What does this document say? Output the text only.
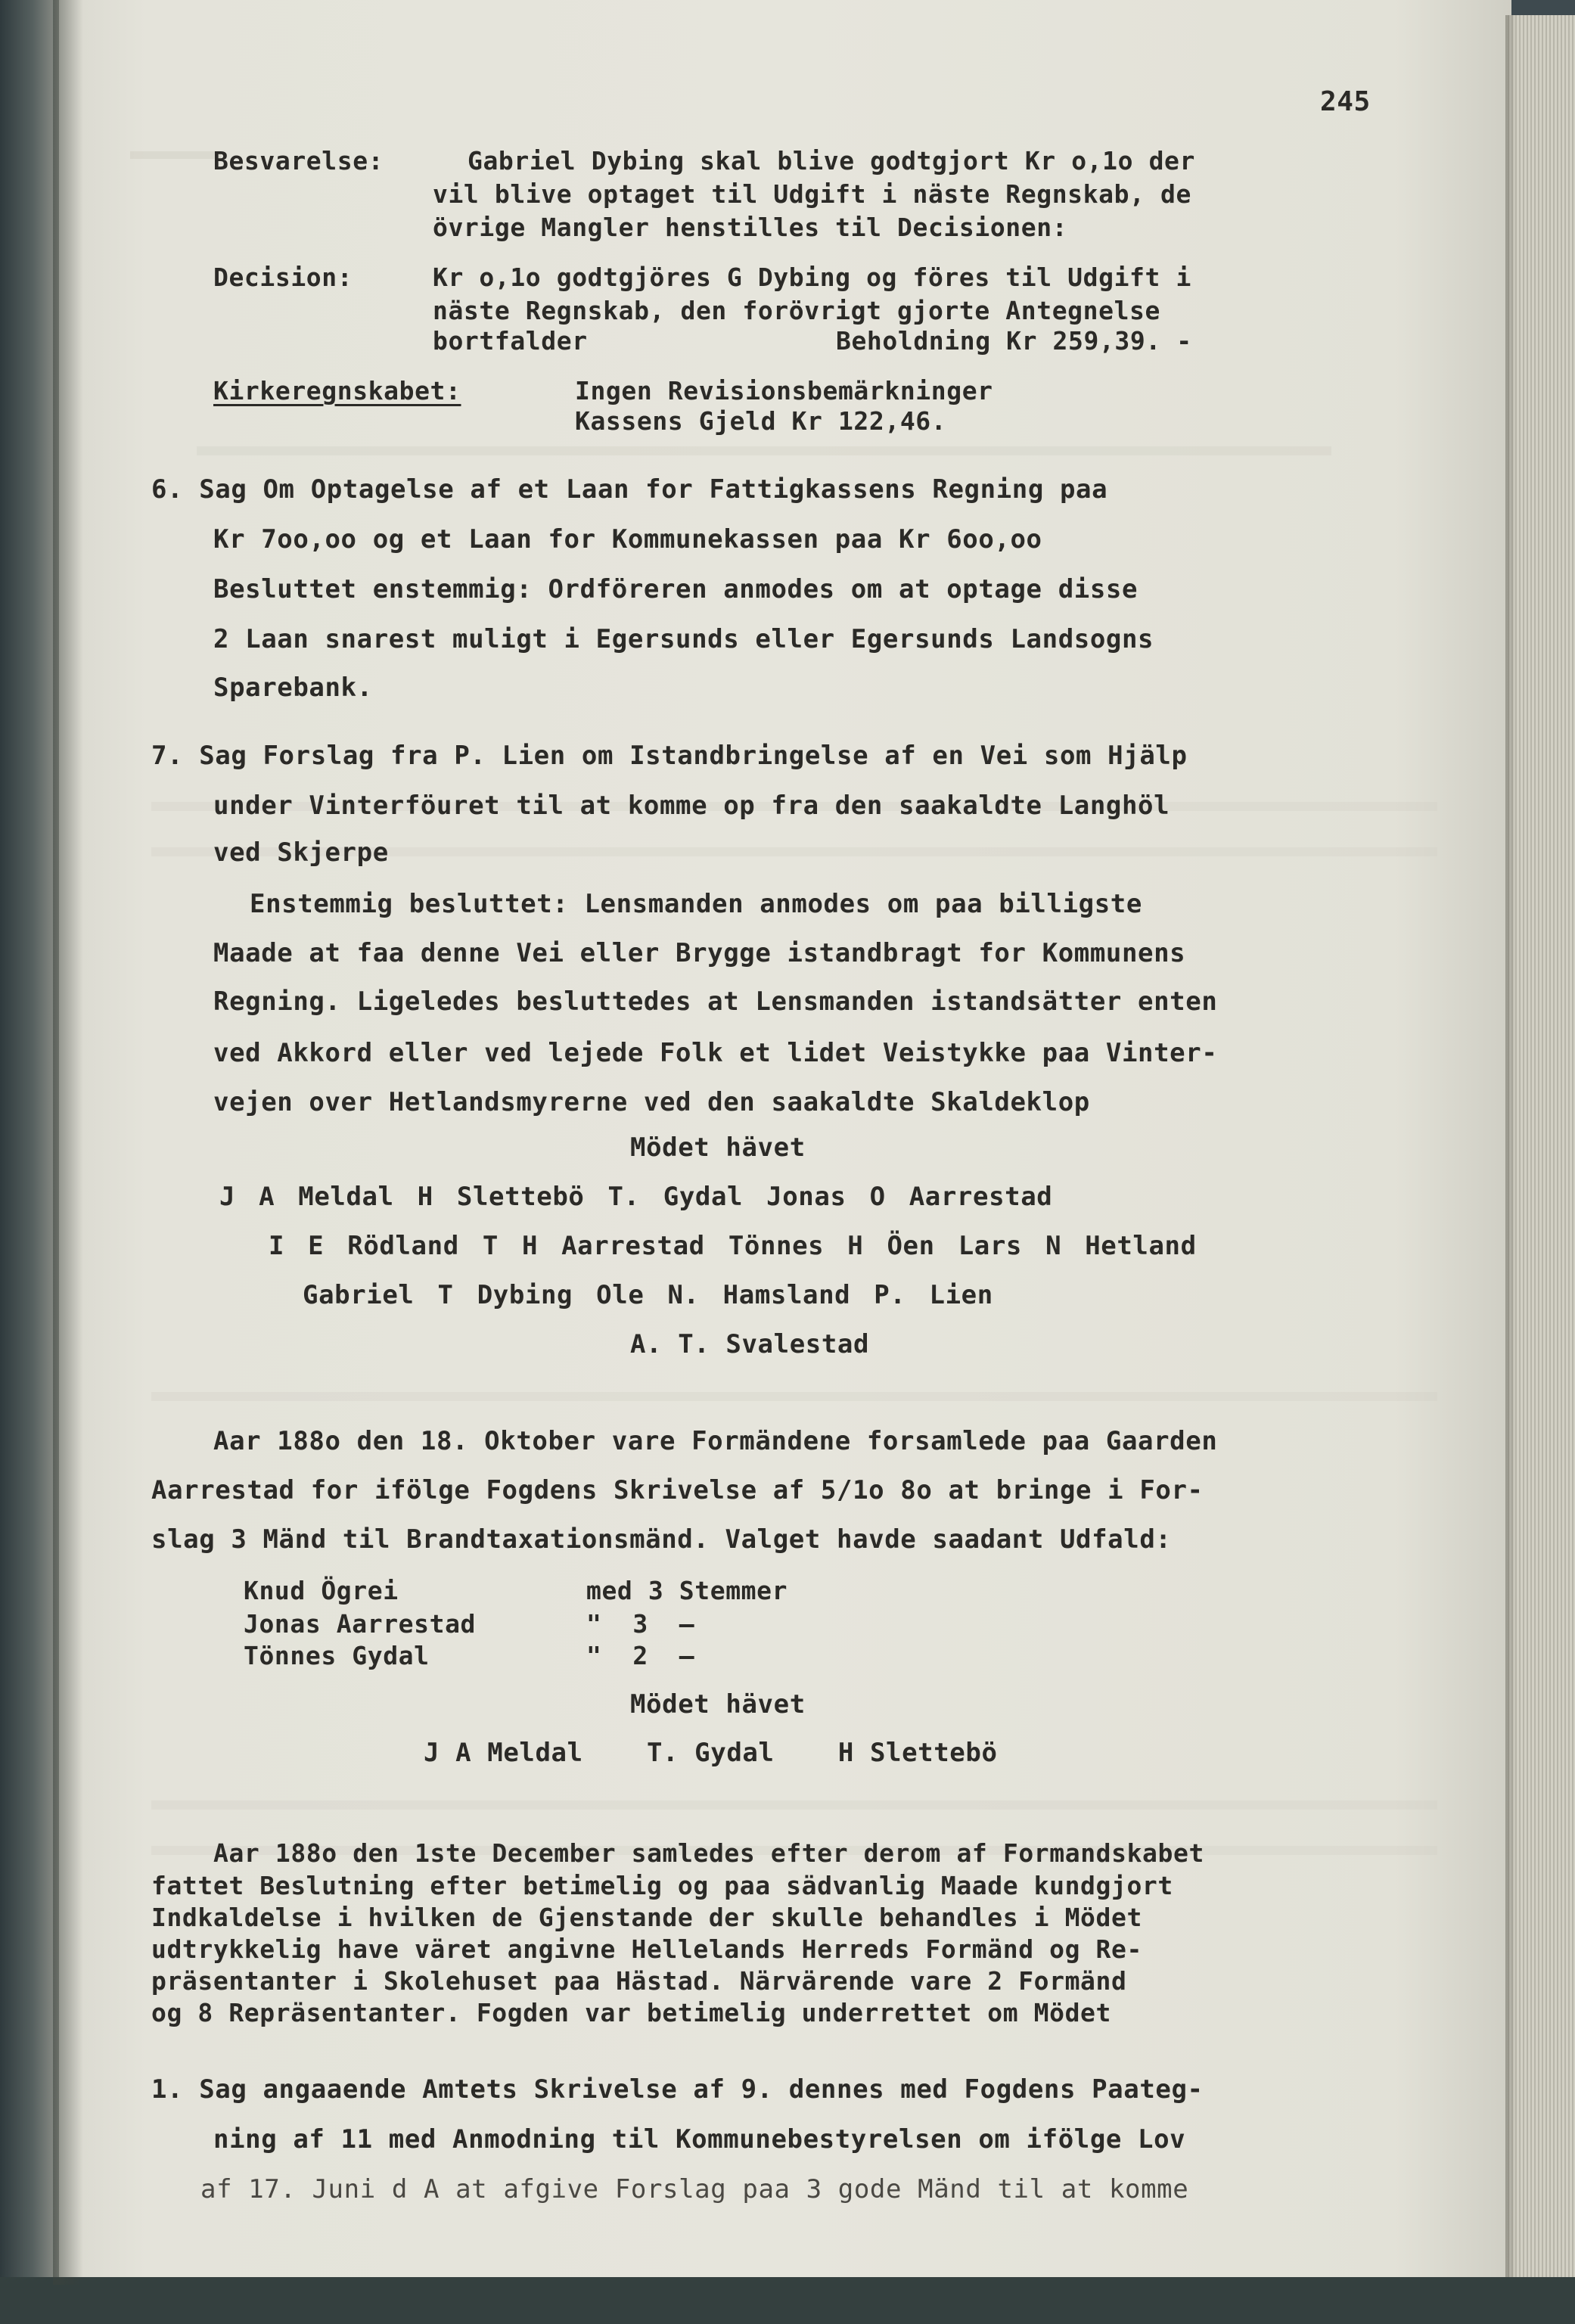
245
Besvarelse:	Gabriel Dybing skal blive godtgjort Kr o,1o der
vil blive optaget til Udgift i näste Regnskab, de
övrige Mangler henstilles til Decisionen:
Decision:	Kr o,1o godtgjöres G Dybing og föres til Udgift i
näste Regnskab, den forövrigt gjorte Antegnelse
bortfalder	Beholdning Kr 259,39. -
Kirkeregnskabet:	Ingen Revisionsbemärkninger
Kassens Gjeld Kr 122,46.
6. Sag Om Optagelse af et Laan for Fattigkassens Regning paa
Kr 7oo,oo og et Laan for Kommunekassen paa Kr 6oo,oo
Besluttet enstemmig: Ordföreren anmodes om at optage disse
2 Laan snarest muligt i Egersunds eller Egersunds Landsogns
Sparebank.
7. Sag Forslag fra P. Lien om Istandbringelse af en Vei som Hjälp
under Vinterföuret til at komme op fra den saakaldte Langhöl
ved Skjerpe
Enstemmig besluttet: Lensmanden anmodes om paa billigste
Maade at faa denne Vei eller Brygge istandbragt for Kommunens
Regning. Ligeledes besluttedes at Lensmanden istandsätter enten
ved Akkord eller ved lejede Folk et lidet Veistykke paa Vinter-
vejen over Hetlandsmyrerne ved den saakaldte Skaldeklop
Mödet hävet
J A Meldal H Slettebö T. Gydal Jonas O Aarrestad
I E Rödland T H Aarrestad Tönnes H Öen Lars N Hetland
Gabriel T Dybing Ole N. Hamsland P. Lien
A. T. Svalestad
Aar 188o den 18. Oktober vare Formändene forsamlede paa Gaarden
Aarrestad for ifölge Fogdens Skrivelse af 5/1o 8o at bringe i For-
slag 3 Mänd til Brandtaxationsmänd. Valget havde saadant Udfald:
Knud Ögrei	med 3 Stemmer
Jonas Aarrestad	"  3  —
Tönnes Gydal	"  2  —
Mödet hävet
J A Meldal    T. Gydal    H Slettebö
Aar 188o den 1ste December samledes efter derom af Formandskabet
fattet Beslutning efter betimelig og paa sädvanlig Maade kundgjort
Indkaldelse i hvilken de Gjenstande der skulle behandles i Mödet
udtrykkelig have väret angivne Hellelands Herreds Formänd og Re-
präsentanter i Skolehuset paa Hästad. Närvärende vare 2 Formänd
og 8 Repräsentanter. Fogden var betimelig underrettet om Mödet
1. Sag angaaende Amtets Skrivelse af 9. dennes med Fogdens Paateg-
ning af 11 med Anmodning til Kommunebestyrelsen om ifölge Lov
af 17. Juni d A at afgive Forslag paa 3 gode Mänd til at komme
